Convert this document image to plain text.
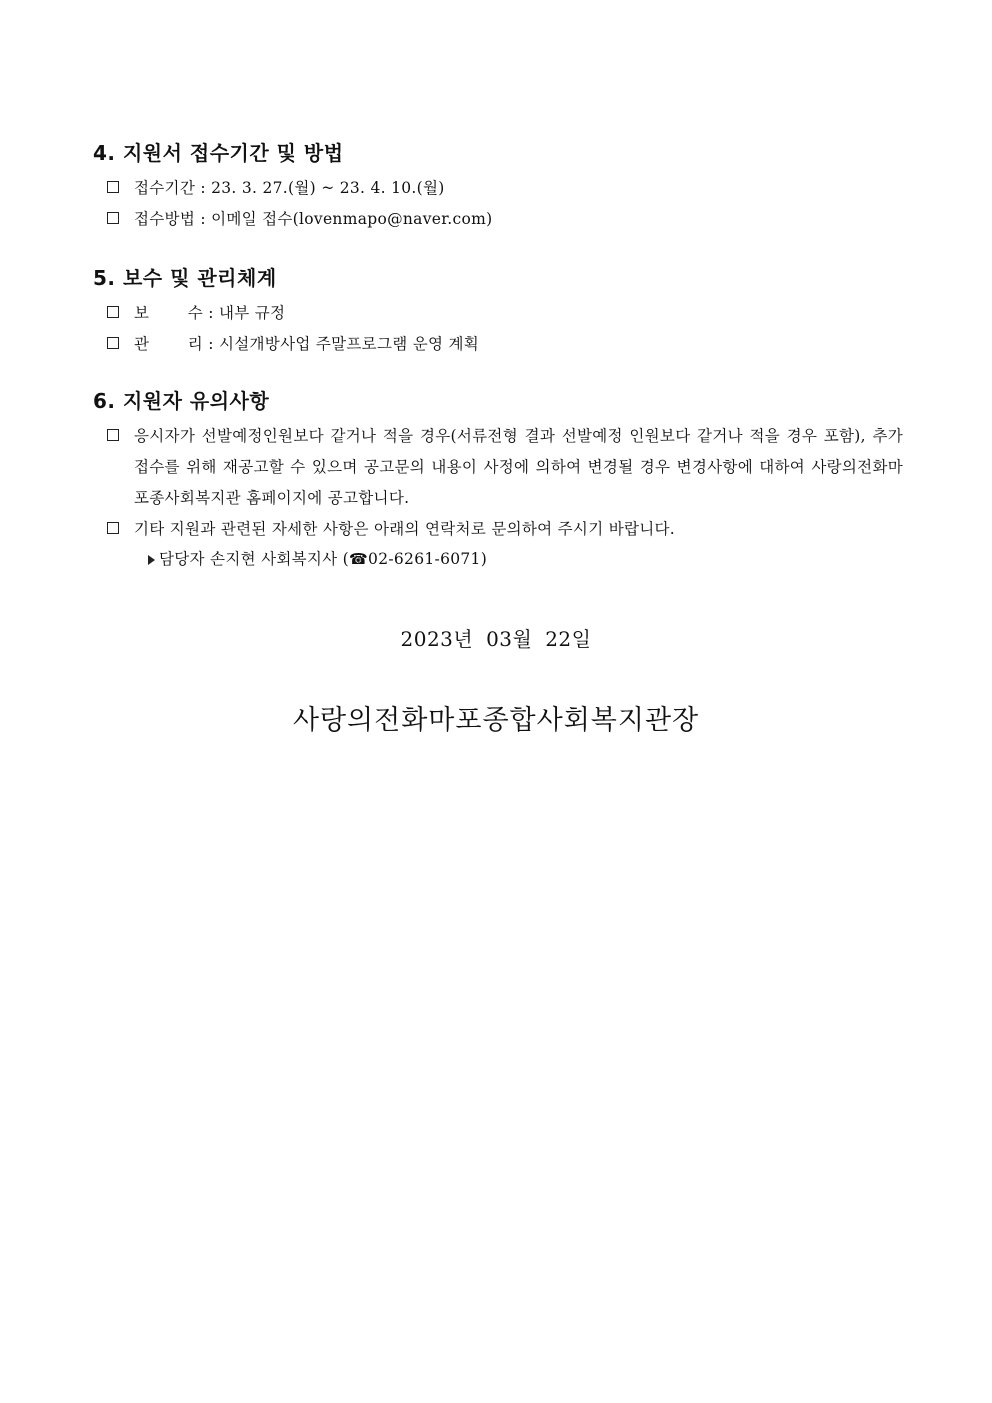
4. 지원서 접수기간 및 방법
접수기간 : 23. 3. 27.(월) ~ 23. 4. 10.(월)
접수방법 : 이메일 접수(lovenmapo@naver.com)
5. 보수 및 관리체계
보 수 : 내부 규정
관 리 : 시설개방사업 주말프로그램 운영 계획
6. 지원자 유의사항
응시자가 선발예정인원보다 같거나 적을 경우(서류전형 결과 선발예정 인원보다 같거나 적을 경우 포함), 추가 접수를 위해 재공고할 수 있으며 공고문의 내용이 사정에 의하여 변경될 경우 변경사항에 대하여 사랑의전화마포종사회복지관 홈페이지에 공고합니다.
기타 지원과 관련된 자세한 사항은 아래의 연락처로 문의하여 주시기 바랍니다.
담당자 손지현 사회복지사 (☎02-6261-6071)
2023년 03월 22일
사랑의전화마포종합사회복지관장
